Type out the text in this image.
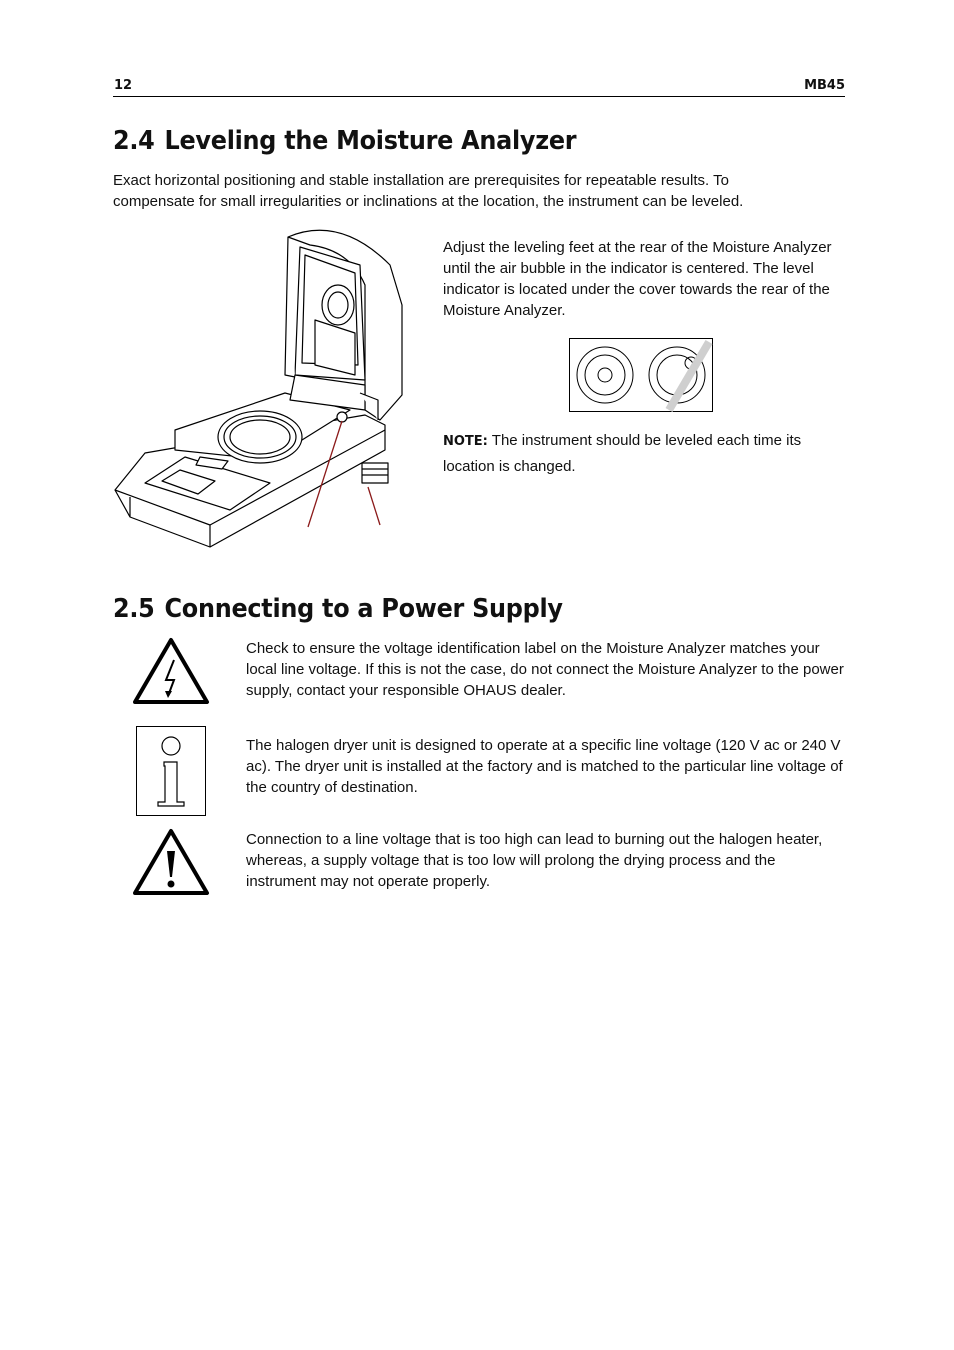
12	MB45
2.4 Leveling the Moisture Analyzer
Exact horizontal positioning and stable installation are prerequisites for repeatable results. To compensate for small irregularities or inclinations at the location, the instrument can be leveled.
Adjust the leveling feet at the rear of the Moisture Analyzer until the air bubble in the indicator is centered. The level indicator is located under the cover towards the rear of the Moisture Analyzer.
NOTE: The instrument should be leveled each time its location is changed.
2.5 Connecting to a Power Supply
Check to ensure the voltage identification label on the Moisture Analyzer matches your local line voltage. If this is not the case, do not connect the Moisture Analyzer to the power supply, contact your responsible OHAUS dealer.
The halogen dryer unit is designed to operate at a specific line voltage (120 V ac or 240 V ac). The dryer unit is installed at the factory and is matched to the particular line voltage of the country of destination.
Connection to a line voltage that is too high can lead to burning out the halogen heater, whereas, a supply voltage that is too low will prolong the drying process and the instrument may not operate properly.
